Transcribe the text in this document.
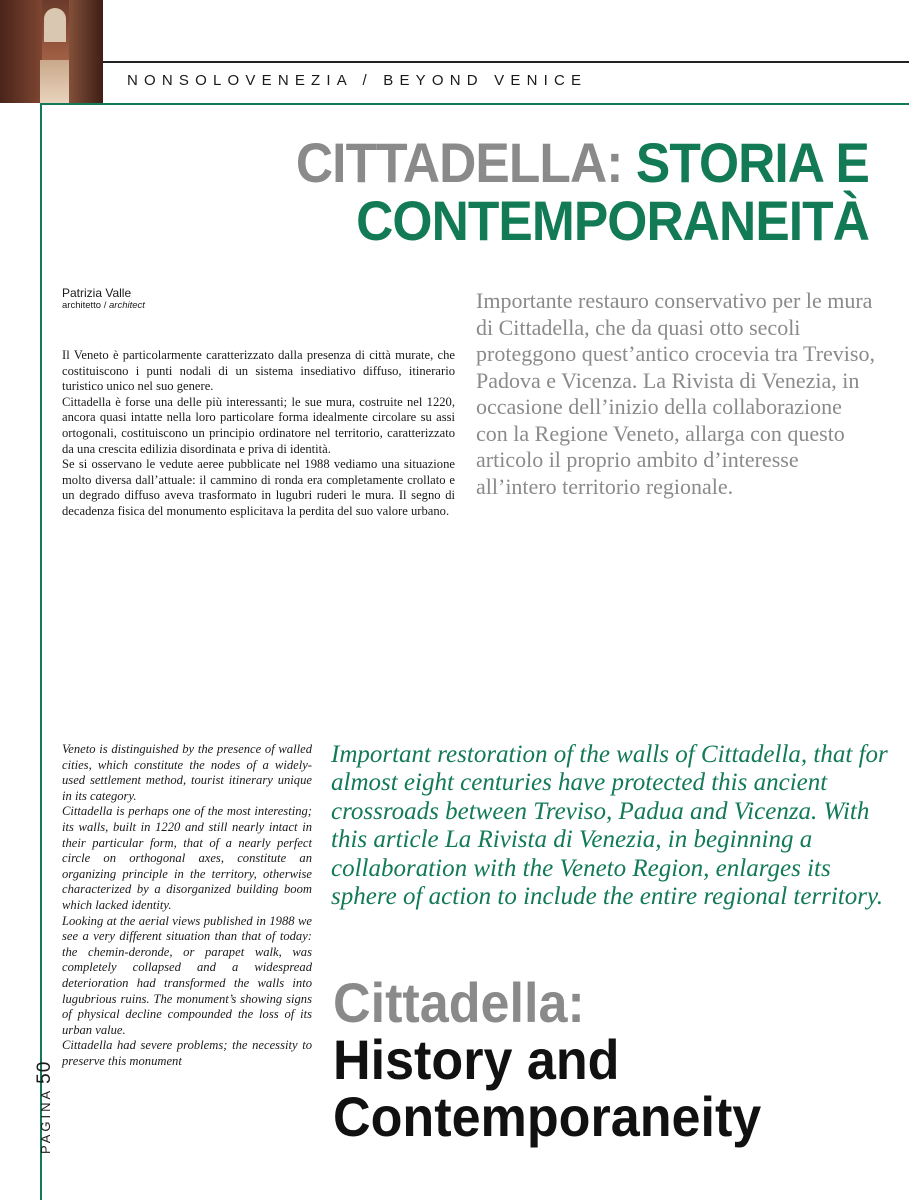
NONSOLOVENEZIA / BEYOND VENICE
CITTADELLA: STORIA E
CONTEMPORANEITÀ
Patrizia Valle
architetto / architect

Il Veneto è particolarmente caratterizzato dalla presenza di città murate, che costituiscono i punti nodali di un sistema insediativo diffuso, itinerario turistico unico nel suo genere.

Cittadella è forse una delle più interessanti; le sue mura, costruite nel 1220, ancora quasi intatte nella loro particolare forma idealmente circolare su assi ortogonali, costituiscono un principio ordinatore nel territorio, caratterizzato da una crescita edilizia disordinata e priva di identità.

Se si osservano le vedute aeree pubblicate nel 1988 vediamo una situazione molto diversa dall’attuale: il cammino di ronda era completamente crollato e un degrado diffuso aveva trasformato in lugubri ruderi le mura. Il segno di decadenza fisica del monumento esplicitava la perdita del suo valore urbano.

Importante restauro conservativo per le mura di Cittadella, che da quasi otto secoli proteggono quest’antico crocevia tra Treviso, Padova e Vicenza. La Rivista di Venezia, in occasione dell’inizio della collaborazione con la Regione Veneto, allarga con questo articolo il proprio ambito d’interesse all’intero territorio regionale.

Veneto is distinguished by the presence of walled cities, which constitute the nodes of a widely-used settlement method, tourist itinerary unique in its category.

Cittadella is perhaps one of the most interesting; its walls, built in 1220 and still nearly intact in their particular form, that of a nearly perfect circle on orthogonal axes, constitute an organizing principle in the territory, otherwise characterized by a disorganized building boom which lacked identity.

Looking at the aerial views published in 1988 we see a very different situation than that of today: the chemin-deronde, or parapet walk, was completely collapsed and a widespread deterioration had transformed the walls into lugubrious ruins. The monument’s showing signs of physical decline compounded the loss of its urban value.

Cittadella had severe problems; the necessity to preserve this monument

Important restoration of the walls of Cittadella, that for almost eight centuries have protected this ancient crossroads between Treviso, Padua and Vicenza. With this article La Rivista di Venezia, in beginning a collaboration with the Veneto Region, enlarges its sphere of action to include the entire regional territory.
Cittadella:
History and
Contemporaneity
PAGINA50
